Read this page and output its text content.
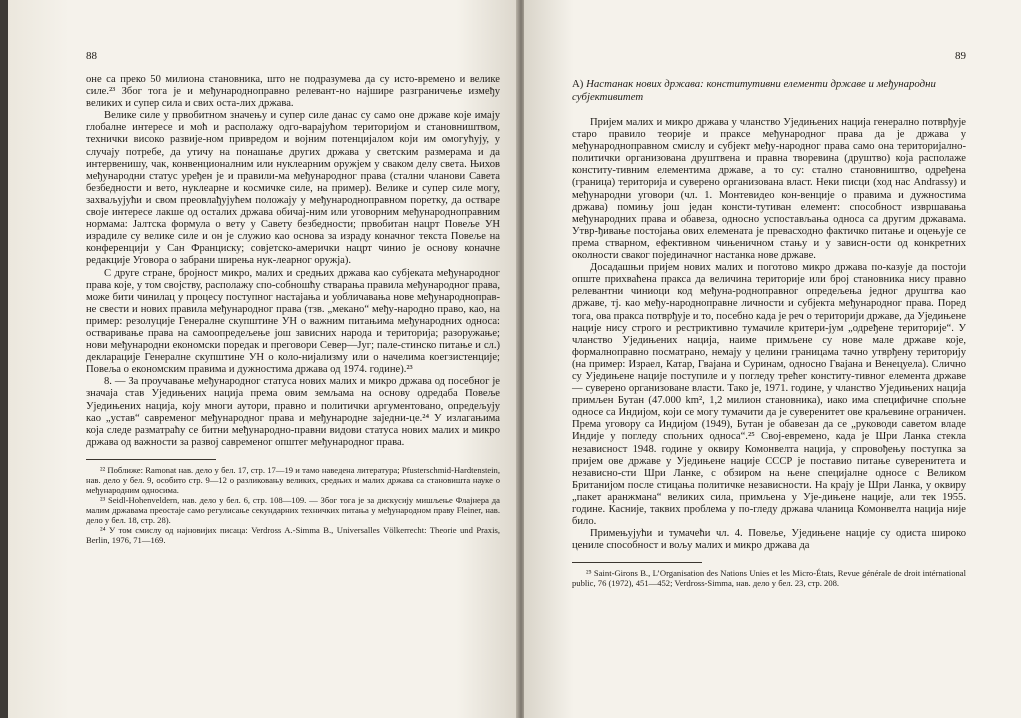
88

оне са преко 50 милиона становника, што не подразумева да су исто-времено и велике силе.²³ Због тога је и међународноправно релевант-но најшире разграничење између великих и супер сила и свих оста-лих држава.

Велике силе у првобитном значењу и супер силе данас су само оне државе које имају глобалне интересе и моћ и располажу одго-варајућом територијом и становништвом, технички високо развије-ном привредом и војним потенцијалом који им омогућују, у случају потребе, да утичу на понашање других држава у светским размерама и да интервенишу, чак, конвенционалним или нуклеарним оружјем у сваком делу света. Њихов међународни статус уређен је и правили-ма међународног права (стални чланови Савета безбедности и вето, нуклеарне и космичке силе, на пример). Велике и супер силе могу, захваљујући и свом преовлађујућем положају у међународноправном поретку, да остваре своје интересе лакше од осталих држава обичај-ним или уговорним међународноправним нормама: Јалтска формула о вету у Савету безбедности; првобитан нацрт Повеље УН израдиле су велике силе и он је служио као основа за израду коначног текста Повеље на конференцији у Сан Франциску; совјетско-амерички нацрт чинио је основу коначне редакције Уговора о забрани ширења нук-леарног оружја).

С друге стране, бројност микро, малих и средњих држава као субјеката међународног права које, у том својству, располажу спо-собношћу стварања правила међународног права, може бити чинилац у процесу поступног настајања и уобличавања нове међународноправ-не свести и нових правила међународног права (тзв. „мекано“ међу-народно право, као, на пример: резолуције Генералне скупштине УН о важним питањима међународних односа: остваривање права на самоопредељење још зависних народа и територија; разоружање; нови међународни економски поредак и преговори Север—Југ; пале-стинско питање и сл.) декларације Генералне скупштине УН о коло-нијализму или о начелима коегзистенције; Повеља о економским правима и дужностима држава од 1974. године).²³

8. — За проучавање међународног статуса нових малих и микро држава од посебног је значаја став Уједињених нација према овим земљама на основу одредаба Повеље Уједињених нација, коју многи аутори, правно и политички аргументовано, опредељују као „устав“ савременог међународног права и међународне заједни-це.²⁴ У излагањима која следе разматраћу се битни међународно-правни видови статуса нових малих и микро држава од важности за развој савременог општег међународног права.

²² Поближе: Ramonat нав. дело у бел. 17, стр. 17—19 и тамо наведена литература; Pfusterschmid-Hardtenstein, нав. дело у бел. 9, особито стр. 9—12 о разликовању великих, средњих и малих држава са становишта науке о међународним односима.

²³ Seidl-Hohenveldern, нав. дело у бел. 6, стр. 108—109. — Због тога је за дискусију мишљење Флајнера да малим државама преостаје само регулисање секундарних техничких питања у међународном праву Fleiner, нав. дело у бел. 18, стр. 28).

²⁴ У том смислу од најновијих писаца: Verdross A.-Simma B., Universalles Völkerrecht: Theorie und Praxis, Berlin, 1976, 71—169.

89
A) Настанак нових држава: конститутивни елементи државе и међународни субјективитет

Пријем малих и микро држава у чланство Уједињених нација генерално потврђује старо правило теорије и праксе међународног права да је држава у међународноправном смислу и субјект међу-народног права само она територијално-политички организована друштвена и правна творевина (друштво) која располаже конститу-тивним елементима државе, а то су: стално становништво, одређена (граница) територија и суверено организована власт. Неки писци (ход нас Andrassy) и међународни уговори (чл. 1. Монтевидео кон-венције о правима и дужностима држава) помињу још један консти-тутиван елемент: способност извршавања међународних права и обавеза, односно успостављања односа са другим државама. Утвр-ђивање постојања ових елемената је превасходно фактичко питање и оцењује се према стварном, ефективном чињеничном стању и у зависн-ости од конкретних околности сваког појединачног настанка нове државе.

Досадашњи пријем нових малих и поготово микро држава по-казује да постоји опште прихваћена пракса да величина територије или број становника нису правно релевантни чиниоци код међуна-родноправног опредељења једног друштва као државе, тј. као међу-народноправне личности и субјекта међународног права. Поред тога, ова пракса потврђује и то, посебно када је реч о територији државе, да Уједињене нације нису строго и рестриктивно тумачиле критери-јум „одређене територије“. У чланство Уједињених нација, наиме примљене су нове мале државе које, формалноправно посматрано, немају у целини границама тачно утврђену територију (на пример: Израел, Катар, Гвајана и Суринам, односно Гвајана и Венецуела). Слично су Уједињене нације поступиле и у погледу трећег конститу-тивног елемента државе — суверено организоване власти. Тако је, 1971. године, у чланство Уједињених нација примљен Бутан (47.000 km², 1,2 милион становника), иако има специфичне спољне односе са Индијом, који се могу тумачити да је суверенитет ове краљевине ограничен. Према уговору са Индијом (1949), Бутан је обавезан да се „руководи саветом владе Индије у погледу спољних односа“.²⁵ Свој-евремено, када је Шри Ланка стекла независност 1948. године у оквиру Комонвелта нација, у спровођењу поступка за пријем ове државе у Уједињене нације СССР је поставио питање суверенитета и независно-сти Шри Ланке, с обзиром на њене специјалне односе с Великом Британијом после стицања политичке независности. На крају је Шри Ланка, у оквиру „пакет аранжмана“ великих сила, примљена у Ује-дињене нације, али тек 1955. године. Касније, таквих проблема у по-гледу држава чланица Комонвелта нација није било.

Примењујући и тумачећи чл. 4. Повеље, Уједињене нације су одиста широко цениле способност и вољу малих и микро држава да

²⁵ Saint-Girons B., L’Organisation des Nations Unies et les Micro-États, Revue générale de droit intérnational public, 76 (1972), 451—452; Verdross-Simma, нав. дело у бел. 23, стр. 208.
